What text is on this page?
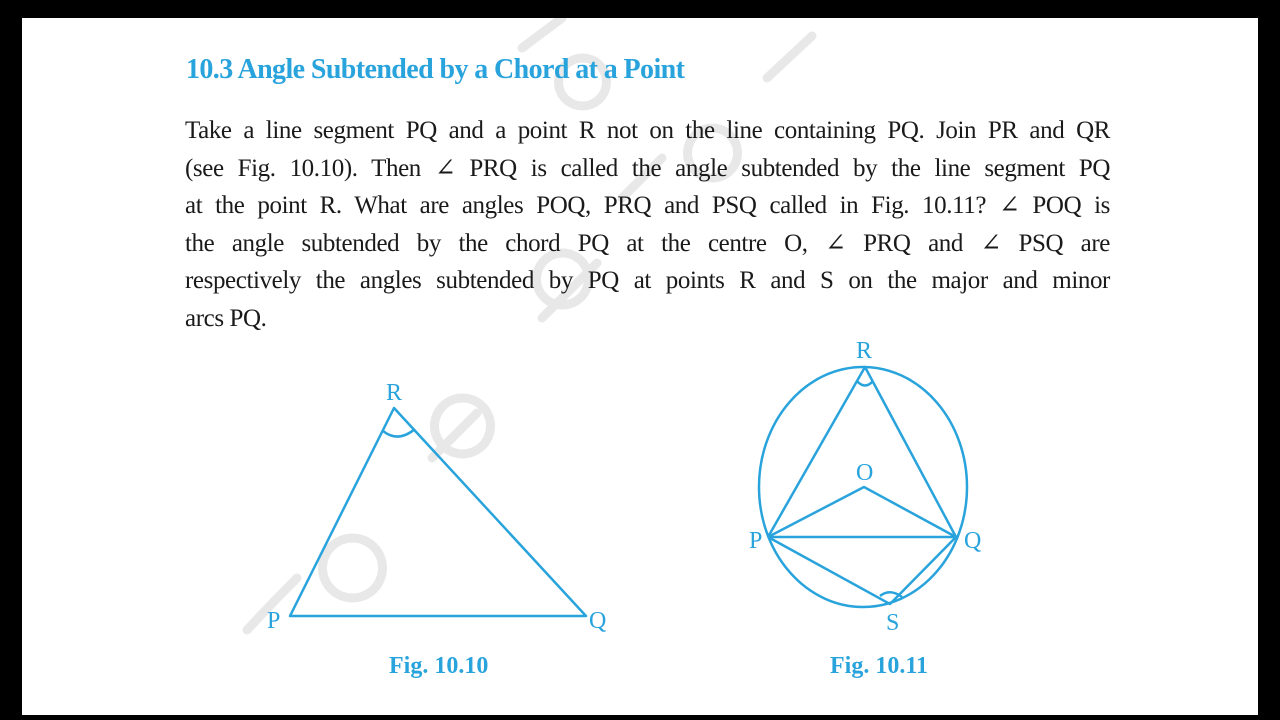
10.3 Angle Subtended by a Chord at a Point
Take a line segment PQ and a point R not on the line containing PQ. Join PR and QR
(see Fig. 10.10). Then ∠ PRQ is called the angle subtended by the line segment PQ
at the point R. What are angles POQ, PRQ and PSQ called in Fig. 10.11? ∠ POQ is
the angle subtended by the chord PQ at the centre O, ∠ PRQ and ∠ PSQ are
respectively the angles subtended by PQ at points R and S on the major and minor
arcs PQ.
R
P	Q
Fig. 10.10
R
O
P	Q
S
Fig. 10.11
